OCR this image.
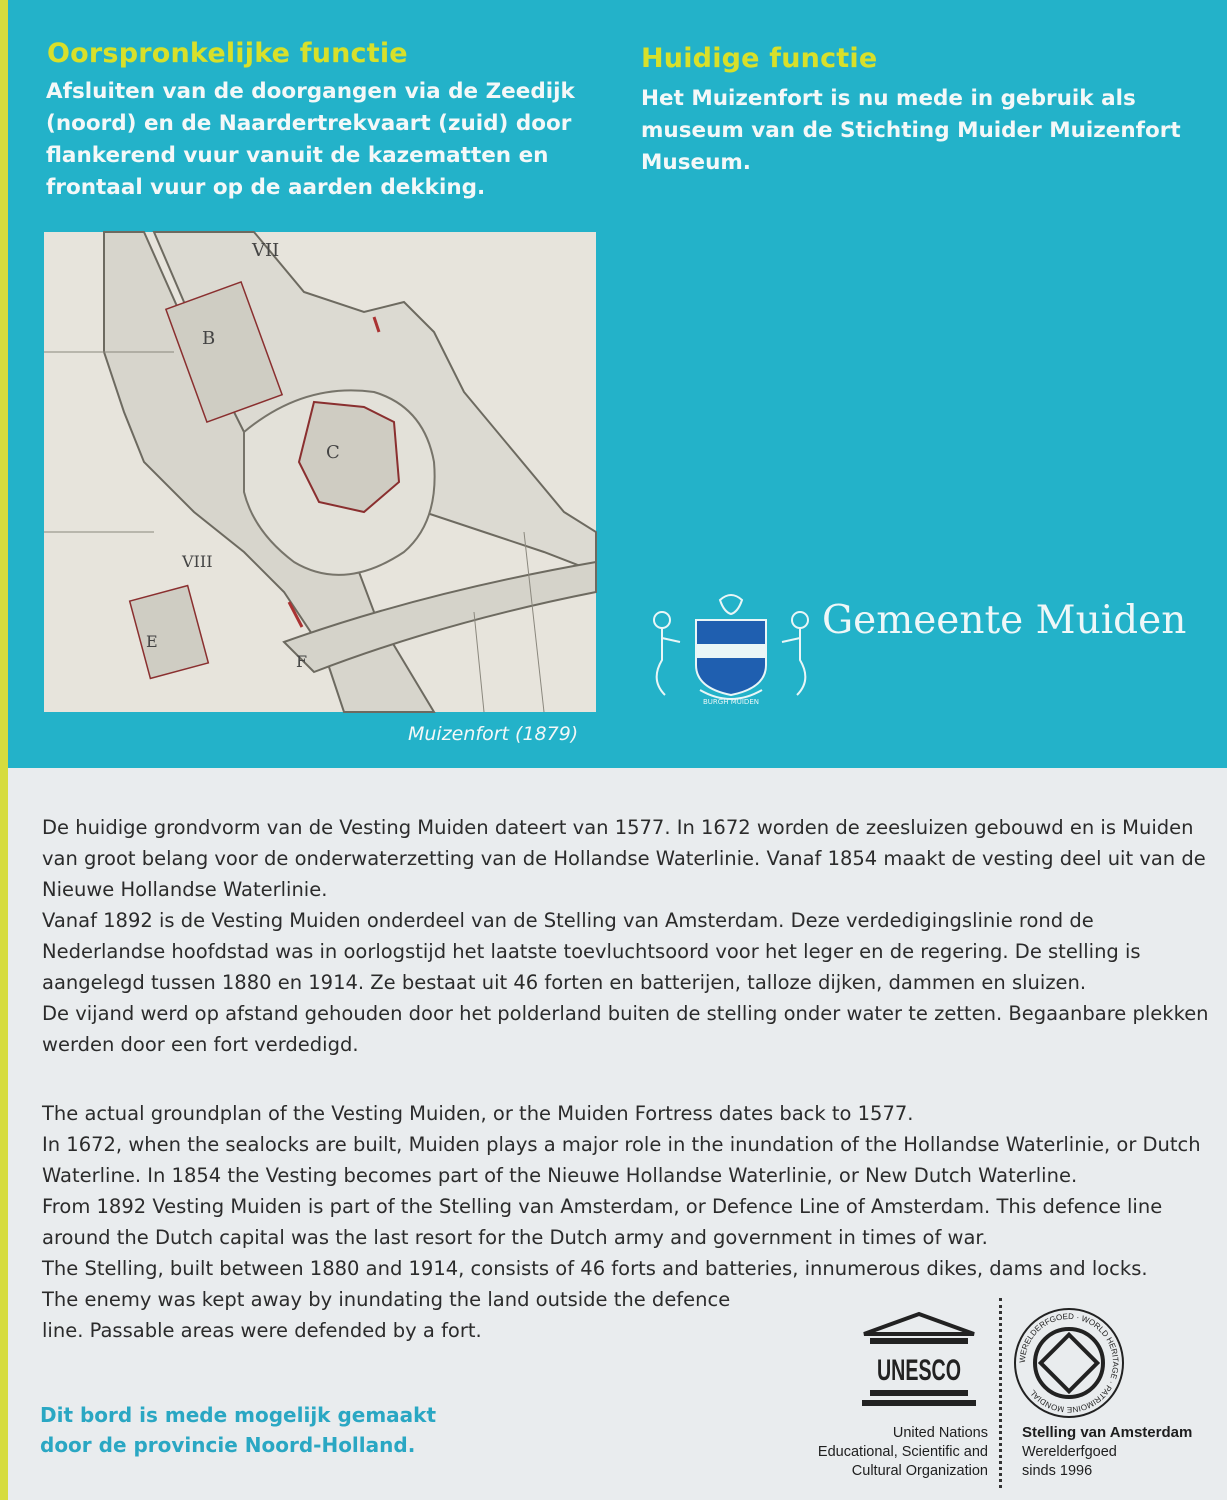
Oorspronkelijke functie
Afsluiten van de doorgangen via de Zeedijk
(noord) en de Naardertrekvaart (zuid) door
flankerend vuur vanuit de kazematten en
frontaal vuur op de aarden dekking.
Huidige functie
Het Muizenfort is nu mede in gebruik als
museum van de Stichting Muider Muizenfort
Museum.
VII
B
C
VIII
E
F
Muizenfort (1879)
BURGH MUIDEN
Gemeente Muiden

De huidige grondvorm van de Vesting Muiden dateert van 1577. In 1672 worden de zeesluizen gebouwd en is Muiden van groot belang voor de onderwaterzetting van de Hollandse Waterlinie. Vanaf 1854 maakt de vesting deel uit van de Nieuwe Hollandse Waterlinie.

Vanaf 1892 is de Vesting Muiden onderdeel van de Stelling van Amsterdam. Deze verdedigingslinie rond de Nederlandse hoofdstad was in oorlogstijd het laatste toevluchtsoord voor het leger en de regering. De stelling is aangelegd tussen 1880 en 1914. Ze bestaat uit 46 forten en batterijen, talloze dijken, dammen en sluizen.

De vijand werd op afstand gehouden door het polderland buiten de stelling onder water te zetten. Begaanbare plekken werden door een fort verdedigd.

The actual groundplan of the Vesting Muiden, or the Muiden Fortress dates back to 1577.

In 1672, when the sealocks are built, Muiden plays a major role in the inundation of the Hollandse Waterlinie, or Dutch Waterline. In 1854 the Vesting becomes part of the Nieuwe Hollandse Waterlinie, or New Dutch Waterline.

From 1892 Vesting Muiden is part of the Stelling van Amsterdam, or Defence Line of Amsterdam. This defence line around the Dutch capital was the last resort for the Dutch army and government in times of war.

The Stelling, built between 1880 and 1914, consists of 46 forts and batteries, innumerous dikes, dams and locks.

The enemy was kept away by inundating the land outside the defence

line. Passable areas were defended by a fort.

Dit bord is mede mogelijk gemaakt
door de provincie Noord-Holland.
UNESCO
United Nations
Educational, Scientific and
Cultural Organization
WERELDERFGOED · WORLD HERITAGE · PATRIMOINE MONDIAL
Stelling van Amsterdam
Werelderfgoed
sinds 1996
